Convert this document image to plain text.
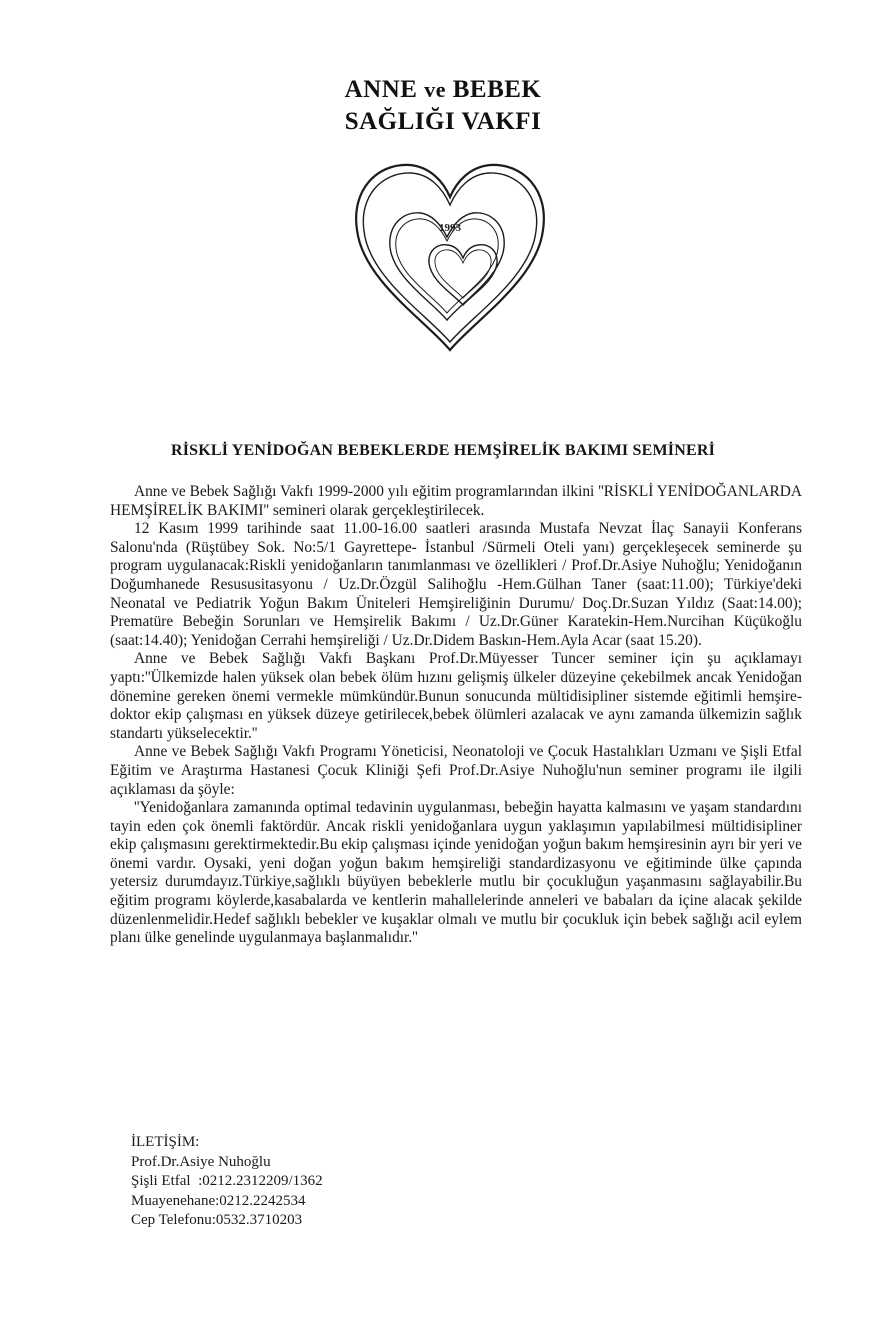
ANNE ve BEBEK
SAĞLIĞI VAKFI
1993
RİSKLİ YENİDOĞAN BEBEKLERDE HEMŞİRELİK BAKIMI SEMİNERİ

Anne ve Bebek Sağlığı Vakfı 1999-2000 yılı eğitim programlarından ilkini ''RİSKLİ YENİDOĞANLARDA HEMŞİRELİK BAKIMI'' semineri olarak gerçekleştirilecek.

12 Kasım 1999 tarihinde saat 11.00-16.00 saatleri arasında Mustafa Nevzat İlaç Sanayii Konferans Salonu'nda (Rüştübey Sok. No:5/1 Gayrettepe- İstanbul /Sürmeli Oteli yanı) gerçekleşecek seminerde şu program uygulanacak:Riskli yenidoğanların tanımlanması ve özellikleri / Prof.Dr.Asiye Nuhoğlu; Yenidoğanın Doğumhanede Resususitasyonu / Uz.Dr.Özgül Salihoğlu -Hem.Gülhan Taner (saat:11.00); Türkiye'deki Neonatal ve Pediatrik Yoğun Bakım Üniteleri Hemşireliğinin Durumu/ Doç.Dr.Suzan Yıldız (Saat:14.00); Prematüre Bebeğin Sorunları ve Hemşirelik Bakımı / Uz.Dr.Güner Karatekin-Hem.Nurcihan Küçükoğlu (saat:14.40); Yenidoğan Cerrahi hemşireliği / Uz.Dr.Didem Baskın-Hem.Ayla Acar (saat 15.20).

Anne ve Bebek Sağlığı Vakfı Başkanı Prof.Dr.Müyesser Tuncer seminer için şu açıklamayı yaptı:''Ülkemizde halen yüksek olan bebek ölüm hızını gelişmiş ülkeler düzeyine çekebilmek ancak Yenidoğan dönemine gereken önemi vermekle mümkündür.Bunun sonucunda mültidisipliner sistemde eğitimli hemşire-doktor ekip çalışması en yüksek düzeye getirilecek,bebek ölümleri azalacak ve aynı zamanda ülkemizin sağlık standartı yükselecektir.''

Anne ve Bebek Sağlığı Vakfı Programı Yöneticisi, Neonatoloji ve Çocuk Hastalıkları Uzmanı ve Şişli Etfal Eğitim ve Araştırma Hastanesi Çocuk Kliniği Şefi Prof.Dr.Asiye Nuhoğlu'nun seminer programı ile ilgili açıklaması da şöyle:

''Yenidoğanlara zamanında optimal tedavinin uygulanması, bebeğin hayatta kalmasını ve yaşam standardını tayin eden çok önemli faktördür. Ancak riskli yenidoğanlara uygun yaklaşımın yapılabilmesi mültidisipliner ekip çalışmasını gerektirmektedir.Bu ekip çalışması içinde yenidoğan yoğun bakım hemşiresinin ayrı bir yeri ve önemi vardır. Oysaki, yeni doğan yoğun bakım hemşireliği standardizasyonu ve eğitiminde ülke çapında yetersiz durumdayız.Türkiye,sağlıklı büyüyen bebeklerle mutlu bir çocukluğun yaşanmasını sağlayabilir.Bu eğitim programı köylerde,kasabalarda ve kentlerin mahallelerinde anneleri ve babaları da içine alacak şekilde düzenlenmelidir.Hedef sağlıklı bebekler ve kuşaklar olmalı ve mutlu bir çocukluk için bebek sağlığı acil eylem planı ülke genelinde uygulanmaya başlanmalıdır.''

İLETİŞİM:
Prof.Dr.Asiye Nuhoğlu
Şişli Etfal  :0212.2312209/1362
Muayenehane:0212.2242534
Cep Telefonu:0532.3710203
